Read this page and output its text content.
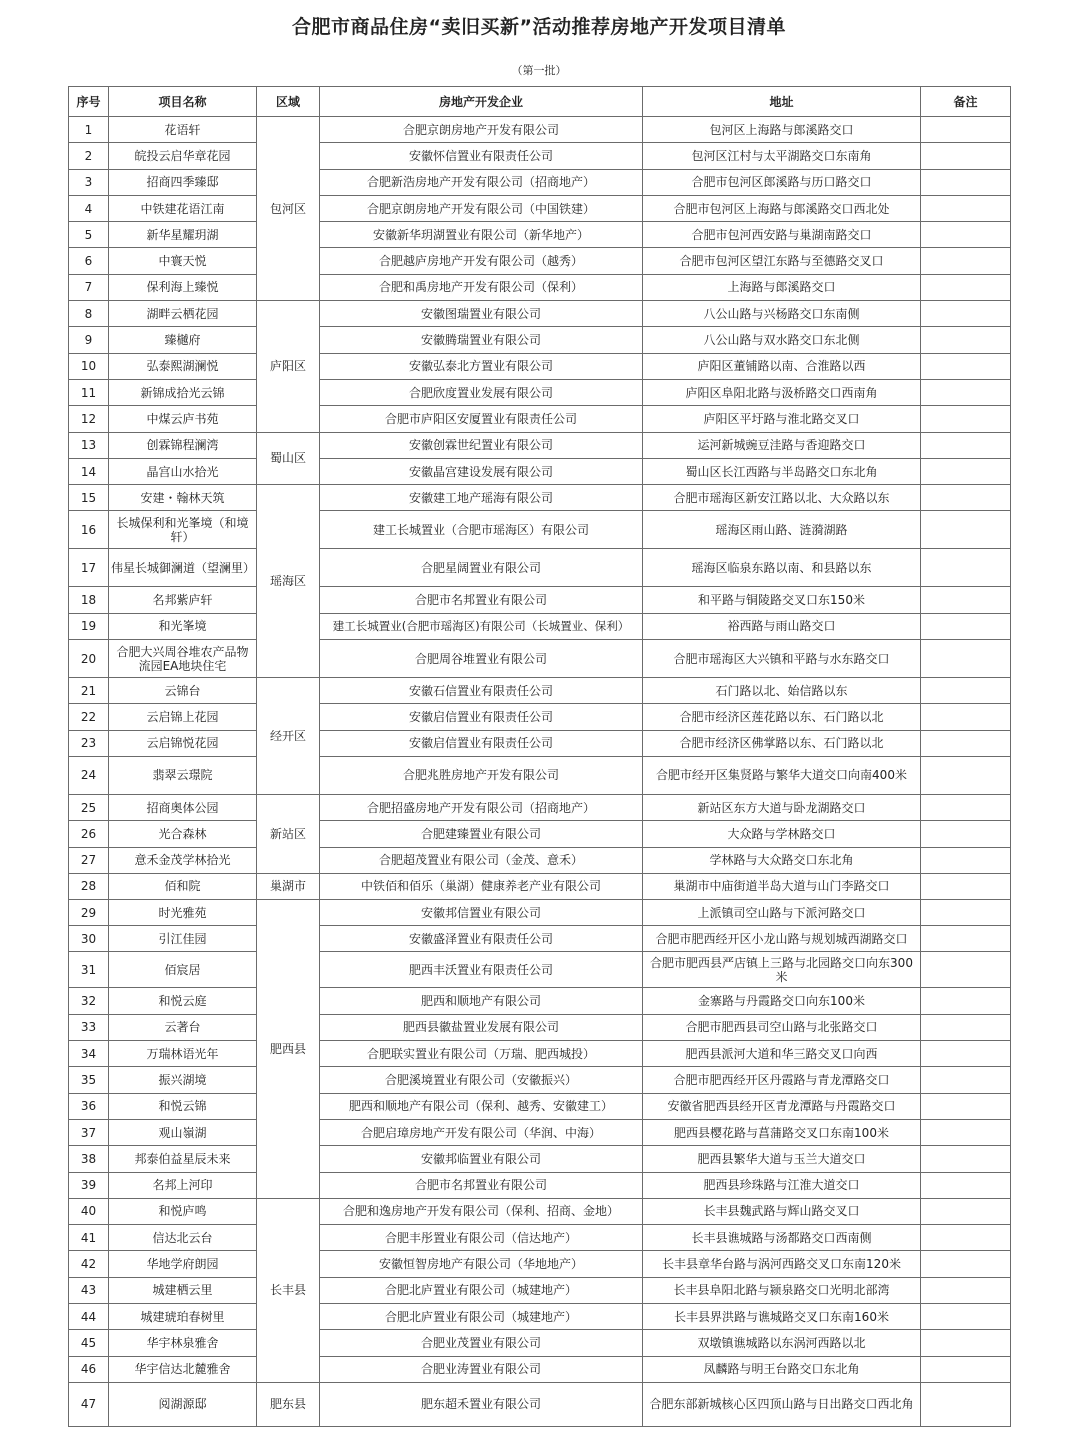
合肥市商品住房“卖旧买新”活动推荐房地产开发项目清单
（第一批）
序号	项目名称	区域	房地产开发企业	地址	备注
1	花语轩	包河区	合肥京朗房地产开发有限公司	包河区上海路与郎溪路交口	
2	皖投云启华章花园		安徽怀信置业有限责任公司	包河区江村与太平湖路交口东南角	
3	招商四季臻邸		合肥新浩房地产开发有限公司（招商地产）	合肥市包河区郎溪路与历口路交口	
4	中铁建花语江南		合肥京朗房地产开发有限公司（中国铁建）	合肥市包河区上海路与郎溪路交口西北处	
5	新华星耀玥湖		安徽新华玥湖置业有限公司（新华地产）	合肥市包河西安路与巢湖南路交口	
6	中寰天悦		合肥越庐房地产开发有限公司（越秀）	合肥市包河区望江东路与至德路交叉口	
7	保利海上臻悦		合肥和禹房地产开发有限公司（保利）	上海路与郎溪路交口	
8	湖畔云栖花园	庐阳区	安徽图瑞置业有限公司	八公山路与兴杨路交口东南侧	
9	臻樾府		安徽腾瑞置业有限公司	八公山路与双水路交口东北侧	
10	弘泰熙湖澜悦		安徽弘泰北方置业有限公司	庐阳区董铺路以南、合淮路以西	
11	新锦成拾光云锦		合肥欣度置业发展有限公司	庐阳区阜阳北路与汲桥路交口西南角	
12	中煤云庐书苑		合肥市庐阳区安厦置业有限责任公司	庐阳区平圩路与淮北路交叉口	
13	创霖锦程澜湾	蜀山区	安徽创霖世纪置业有限公司	运河新城豌豆洼路与香迎路交口	
14	晶宫山水拾光		安徽晶宫建设发展有限公司	蜀山区长江西路与半岛路交口东北角	
15	安建・翰林天筑	瑶海区	安徽建工地产瑶海有限公司	合肥市瑶海区新安江路以北、大众路以东	
16	长城保利和光峯境（和境轩）		建工长城置业（合肥市瑶海区）有限公司	瑶海区雨山路、涟漪湖路	
17	伟星长城御澜道（望澜里）		合肥星阔置业有限公司	瑶海区临泉东路以南、和县路以东	
18	名邦紫庐轩		合肥市名邦置业有限公司	和平路与铜陵路交叉口东150米	
19	和光峯境		建工长城置业(合肥市瑶海区)有限公司（长城置业、保利）	裕西路与雨山路交口	
20	合肥大兴周谷堆农产品物流园EA地块住宅		合肥周谷堆置业有限公司	合肥市瑶海区大兴镇和平路与水东路交口	
21	云锦台	经开区	安徽石信置业有限责任公司	石门路以北、始信路以东	
22	云启锦上花园		安徽启信置业有限责任公司	合肥市经济区莲花路以东、石门路以北	
23	云启锦悦花园		安徽启信置业有限责任公司	合肥市经济区佛掌路以东、石门路以北	
24	翡翠云璟院		合肥兆胜房地产开发有限公司	合肥市经开区集贤路与繁华大道交口向南400米	
25	招商奥体公园	新站区	合肥招盛房地产开发有限公司（招商地产）	新站区东方大道与卧龙湖路交口	
26	光合森林		合肥建臻置业有限公司	大众路与学林路交口	
27	意禾金茂学林拾光		合肥超茂置业有限公司（金茂、意禾）	学林路与大众路交口东北角	
28	佰和院	巢湖市	中铁佰和佰乐（巢湖）健康养老产业有限公司	巢湖市中庙街道半岛大道与山门李路交口	
29	时光雅苑	肥西县	安徽邦信置业有限公司	上派镇司空山路与下派河路交口	
30	引江佳园		安徽盛泽置业有限责任公司	合肥市肥西经开区小龙山路与规划城西湖路交口	
31	佰宸居		肥西丰沃置业有限责任公司	合肥市肥西县严店镇上三路与北园路交口向东300米	
32	和悦云庭		肥西和顺地产有限公司	金寨路与丹霞路交口向东100米	
33	云著台		肥西县徽盐置业发展有限公司	合肥市肥西县司空山路与北张路交口	
34	万瑞林语光年		合肥联实置业有限公司（万瑞、肥西城投）	肥西县派河大道和华三路交叉口向西	
35	振兴湖境		合肥溪境置业有限公司（安徽振兴）	合肥市肥西经开区丹霞路与青龙潭路交口	
36	和悦云锦		肥西和顺地产有限公司（保利、越秀、安徽建工）	安徽省肥西县经开区青龙潭路与丹霞路交口	
37	观山嶺湖		合肥启璋房地产开发有限公司（华润、中海）	肥西县樱花路与菖蒲路交叉口东南100米	
38	邦泰伯益星辰未来		安徽邦临置业有限公司	肥西县繁华大道与玉兰大道交口	
39	名邦上河印		合肥市名邦置业有限公司	肥西县珍珠路与江淮大道交口	
40	和悦庐鸣	长丰县	合肥和逸房地产开发有限公司（保利、招商、金地）	长丰县魏武路与辉山路交叉口	
41	信达北云台		合肥丰彤置业有限公司（信达地产）	长丰县谯城路与汤都路交口西南侧	
42	华地学府朗园		安徽恒智房地产有限公司（华地地产）	长丰县章华台路与涡河西路交叉口东南120米	
43	城建栖云里		合肥北庐置业有限公司（城建地产）	长丰县阜阳北路与颍泉路交口光明北部湾	
44	城建琥珀春树里		合肥北庐置业有限公司（城建地产）	长丰县界洪路与谯城路交叉口东南160米	
45	华宇林泉雅舍		合肥业茂置业有限公司	双墩镇谯城路以东涡河西路以北	
46	华宇信达北麓雅舍		合肥业涛置业有限公司	凤麟路与明王台路交口东北角	
47	阅湖源邸	肥东县	肥东超禾置业有限公司	合肥东部新城核心区四顶山路与日出路交口西北角	
